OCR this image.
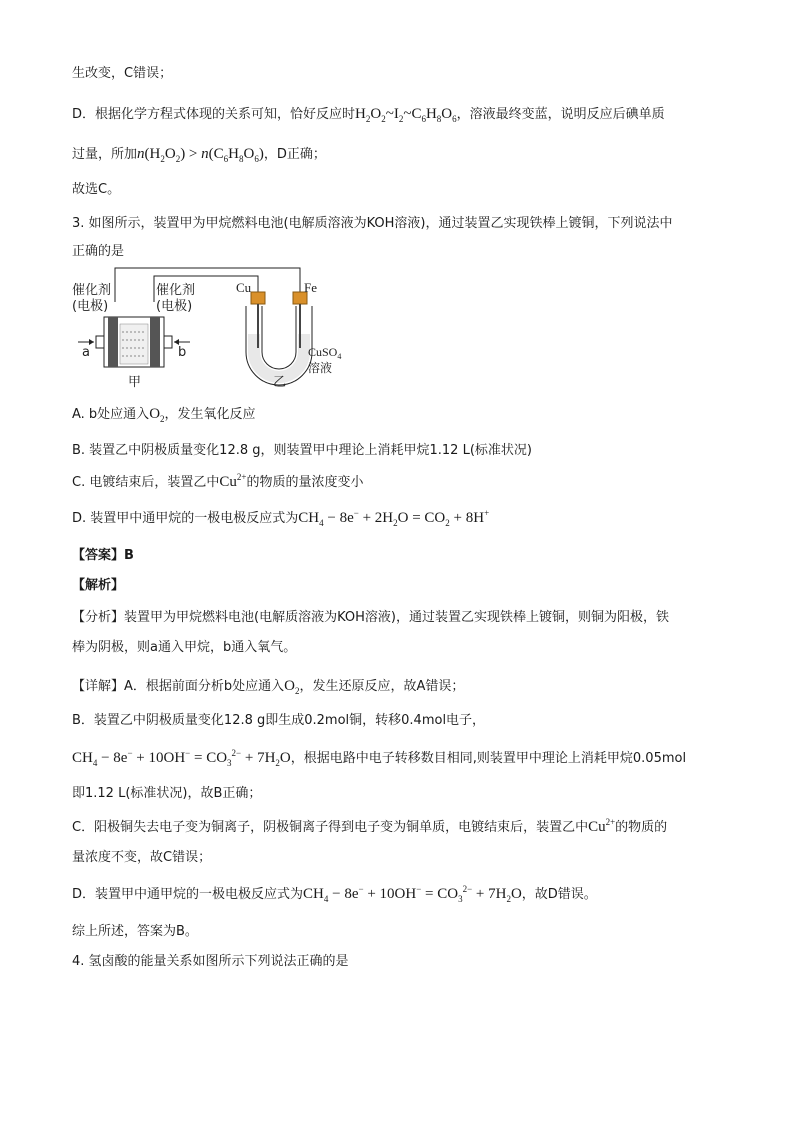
生改变，C错误；
D．根据化学方程式体现的关系可知，恰好反应时$H_2O_2\sim I_2\sim C_6H_8O_6$，溶液最终变蓝，说明反应后碘单质
过量，所加$n(H_2O_2) > n(C_6H_8O_6)$，D正确；
故选C。
3. 如图所示，装置甲为甲烷燃料电池(电解质溶液为KOH溶液)，通过装置乙实现铁棒上镀铜，下列说法中
正确的是
催化剂
(电极)
催化剂
(电极)
a	b
甲	乙
Cu	Fe
CuSO$_4$
溶液
A. b处应通入$O_2$，发生氧化反应
B. 装置乙中阴极质量变化12.8 g，则装置甲中理论上消耗甲烷1.12 L(标准状况)
C. 电镀结束后，装置乙中$Cu^{2+}$的物质的量浓度变小
D. 装置甲中通甲烷的一极电极反应式为$CH_4 - 8e^- + 2H_2O = CO_2 + 8H^+$
【答案】B
【解析】
【分析】装置甲为甲烷燃料电池(电解质溶液为KOH溶液)，通过装置乙实现铁棒上镀铜，则铜为阳极，铁
棒为阴极，则a通入甲烷，b通入氧气。
【详解】A．根据前面分析b处应通入$O_2$，发生还原反应，故A错误；
B．装置乙中阴极质量变化12.8 g即生成0.2mol铜，转移0.4mol电子，
$CH_4 - 8e^- + 10OH^- = CO_3^{2-} + 7H_2O$，根据电路中电子转移数目相同,则装置甲中理论上消耗甲烷0.05mol
即1.12 L(标准状况)，故B正确；
C．阳极铜失去电子变为铜离子，阴极铜离子得到电子变为铜单质，电镀结束后，装置乙中$Cu^{2+}$的物质的
量浓度不变，故C错误；
D．装置甲中通甲烷的一极电极反应式为$CH_4 - 8e^- + 10OH^- = CO_3^{2-} + 7H_2O$，故D错误。
综上所述，答案为B。
4. 氢卤酸的能量关系如图所示下列说法正确的是
